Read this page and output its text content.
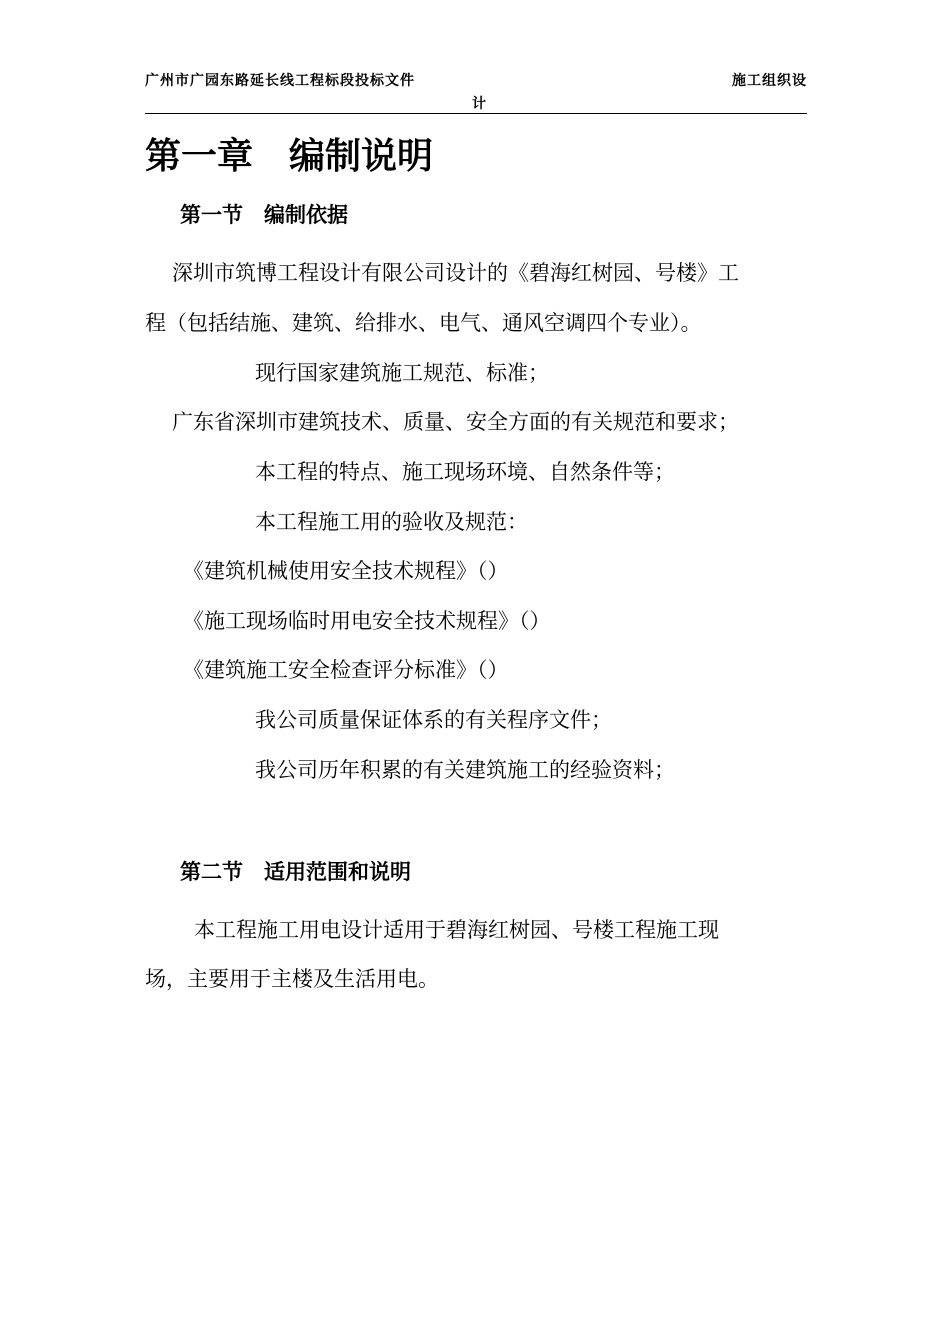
广州市广园东路延长线工程标段投标文件	施工组织设
计
第一章　编制说明
第一节　编制依据
深圳市筑博工程设计有限公司设计的《碧海红树园、号楼》工
程（包括结施、建筑、给排水、电气、通风空调四个专业）。
现行国家建筑施工规范、标准；
广东省深圳市建筑技术、质量、安全方面的有关规范和要求；
本工程的特点、施工现场环境、自然条件等；
本工程施工用的验收及规范：
《建筑机械使用安全技术规程》（）
《施工现场临时用电安全技术规程》（）
《建筑施工安全检查评分标准》（）
我公司质量保证体系的有关程序文件；
我公司历年积累的有关建筑施工的经验资料；
第二节　适用范围和说明
本工程施工用电设计适用于碧海红树园、号楼工程施工现
场，主要用于主楼及生活用电。
